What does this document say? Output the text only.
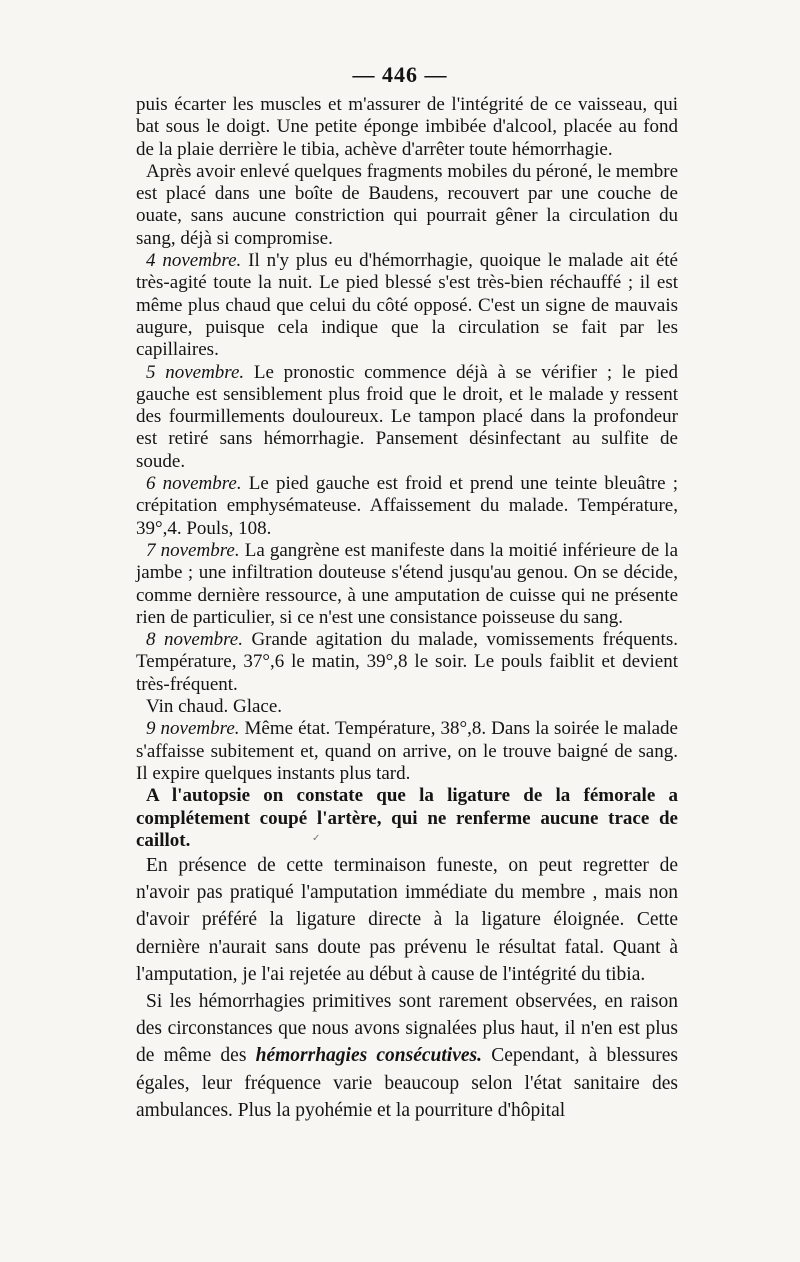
— 446 —

puis écarter les muscles et m'assurer de l'intégrité de ce vaisseau, qui bat sous le doigt. Une petite éponge imbibée d'alcool, placée au fond de la plaie derrière le tibia, achève d'arrêter toute hémorrhagie.

Après avoir enlevé quelques fragments mobiles du péroné, le membre est placé dans une boîte de Baudens, recouvert par une couche de ouate, sans aucune constriction qui pourrait gêner la circulation du sang, déjà si compromise.

4 novembre. Il n'y plus eu d'hémorrhagie, quoique le malade ait été très-agité toute la nuit. Le pied blessé s'est très-bien réchauffé ; il est même plus chaud que celui du côté opposé. C'est un signe de mauvais augure, puisque cela indique que la circulation se fait par les capillaires.

5 novembre. Le pronostic commence déjà à se vérifier ; le pied gauche est sensiblement plus froid que le droit, et le malade y ressent des fourmillements douloureux. Le tampon placé dans la profondeur est retiré sans hémorrhagie. Pansement désinfectant au sulfite de soude.

6 novembre. Le pied gauche est froid et prend une teinte bleuâtre ; crépitation emphysémateuse. Affaissement du malade. Température, 39°,4. Pouls, 108.

7 novembre. La gangrène est manifeste dans la moitié inférieure de la jambe ; une infiltration douteuse s'étend jusqu'au genou. On se décide, comme dernière ressource, à une amputation de cuisse qui ne présente rien de particulier, si ce n'est une consistance poisseuse du sang.

8 novembre. Grande agitation du malade, vomissements fréquents. Température, 37°,6 le matin, 39°,8 le soir. Le pouls faiblit et devient très-fréquent.

Vin chaud. Glace.

9 novembre. Même état. Température, 38°,8. Dans la soirée le malade s'affaisse subitement et, quand on arrive, on le trouve baigné de sang. Il expire quelques instants plus tard.

A l'autopsie on constate que la ligature de la fémorale a complétement coupé l'artère, qui ne renferme aucune trace de caillot.	✓

En présence de cette terminaison funeste, on peut regretter de n'avoir pas pratiqué l'amputation immédiate du membre , mais non d'avoir préféré la ligature directe à la ligature éloignée. Cette dernière n'aurait sans doute pas prévenu le résultat fatal. Quant à l'amputation, je l'ai rejetée au début à cause de l'intégrité du tibia.

Si les hémorrhagies primitives sont rarement observées, en raison des circonstances que nous avons signalées plus haut, il n'en est plus de même des hémorrhagies consécutives. Cependant, à blessures égales, leur fréquence varie beaucoup selon l'état sanitaire des ambulances. Plus la pyohémie et la pourriture d'hôpital
